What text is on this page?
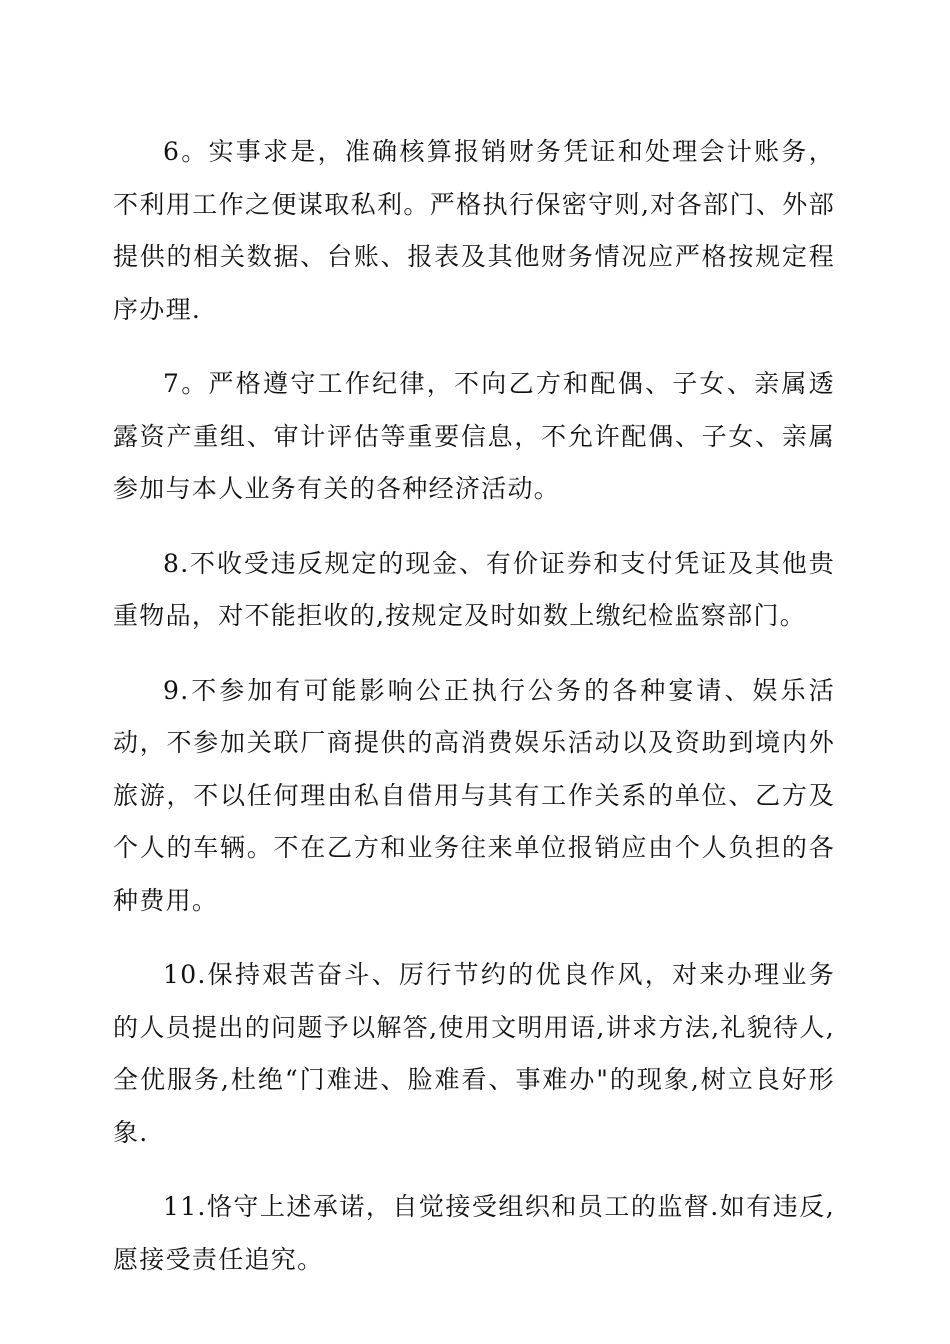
6。实事求是，准确核算报销财务凭证和处理会计账务，不利用工作之便谋取私利。严格执行保密守则,对各部门、外部提供的相关数据、台账、报表及其他财务情况应严格按规定程序办理.

7。严格遵守工作纪律，不向乙方和配偶、子女、亲属透露资产重组、审计评估等重要信息，不允许配偶、子女、亲属参加与本人业务有关的各种经济活动。

8.不收受违反规定的现金、有价证券和支付凭证及其他贵重物品，对不能拒收的,按规定及时如数上缴纪检监察部门。

9.不参加有可能影响公正执行公务的各种宴请、娱乐活动，不参加关联厂商提供的高消费娱乐活动以及资助到境内外旅游，不以任何理由私自借用与其有工作关系的单位、乙方及个人的车辆。不在乙方和业务往来单位报销应由个人负担的各种费用。

10.保持艰苦奋斗、厉行节约的优良作风，对来办理业务的人员提出的问题予以解答,使用文明用语,讲求方法,礼貌待人,全优服务,杜绝“门难进、脸难看、事难办"的现象,树立良好形象.

11.恪守上述承诺，自觉接受组织和员工的监督.如有违反,愿接受责任追究。
